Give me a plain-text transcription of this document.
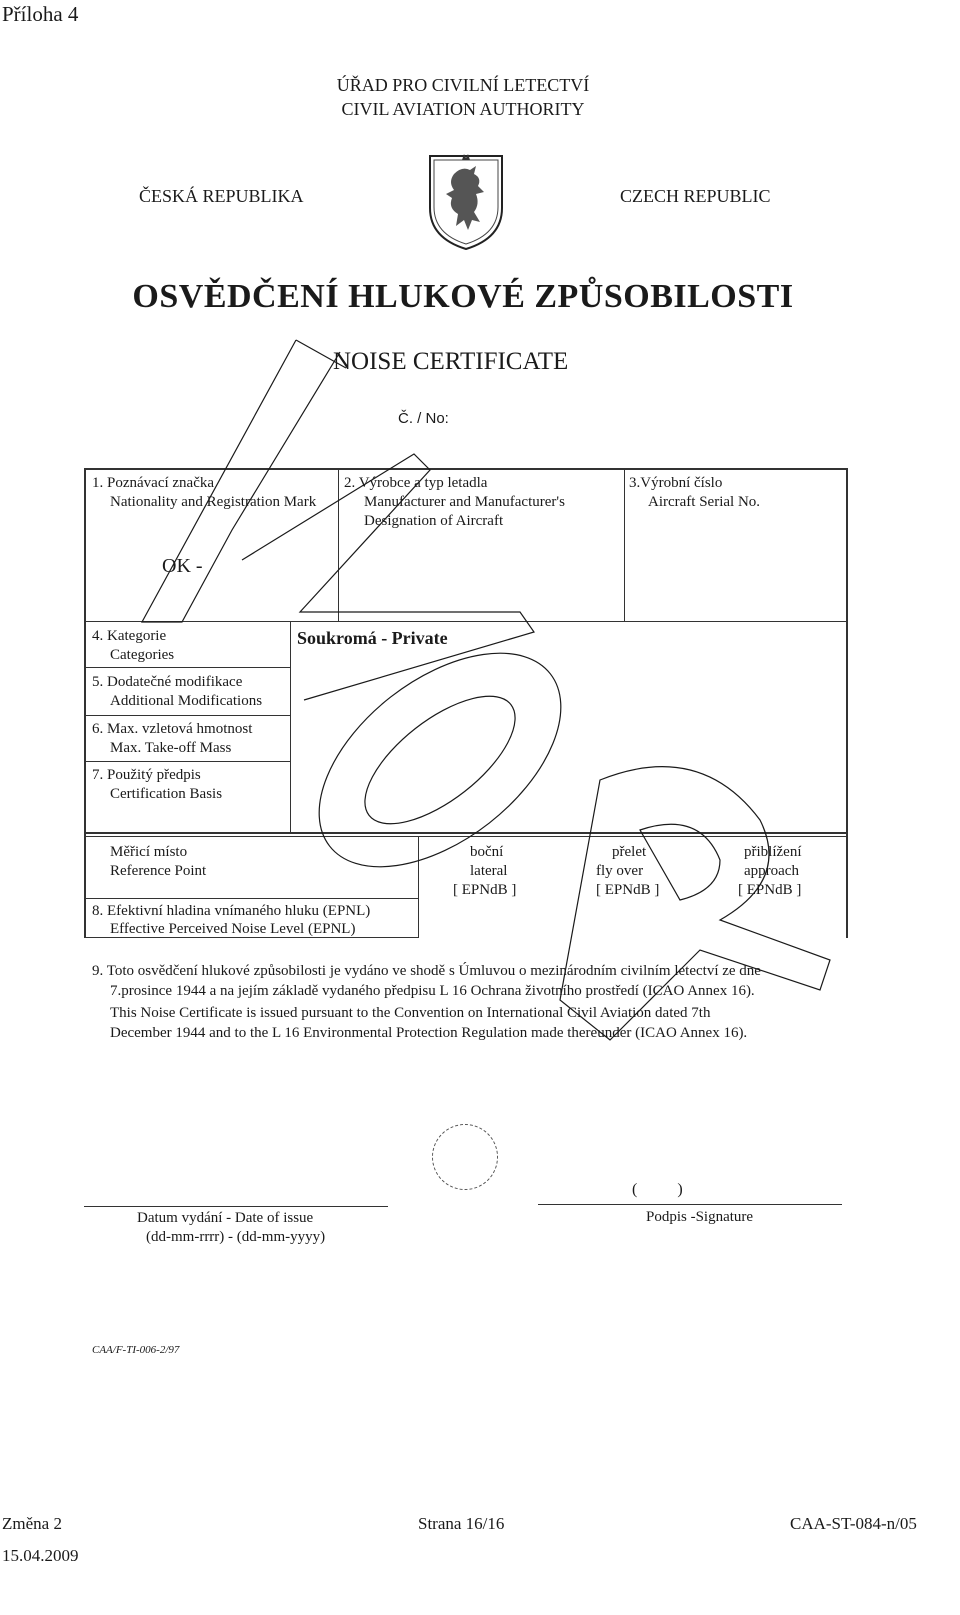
Příloha 4
ÚŘAD PRO CIVILNÍ LETECTVÍ
CIVIL AVIATION AUTHORITY
ČESKÁ REPUBLIKA	CZECH REPUBLIC
OSVĚDČENÍ HLUKOVÉ ZPŮSOBILOSTI
NOISE CERTIFICATE
Č. / No:
1. Poznávací značka
Nationality and Registration Mark
OK -
2. Výrobce a typ letadla
Manufacturer and Manufacturer's
Designation of Aircraft
3.Výrobní číslo
Aircraft Serial No.
4. Kategorie
Categories
Soukromá - Private
5. Dodatečné modifikace
Additional Modifications
6. Max. vzletová hmotnost
Max. Take-off Mass
7. Použitý předpis
Certification Basis
Měřicí místo
Reference Point
boční
lateral
[ EPNdB ]
přelet
fly over
[ EPNdB ]
přiblížení
approach
[ EPNdB ]
8. Efektivní hladina vnímaného hluku (EPNL)
Effective Perceived Noise Level (EPNL)
9. Toto osvědčení hlukové způsobilosti je vydáno ve shodě s Úmluvou o mezinárodním civilním letectví ze dne
7.prosince 1944 a na jejím základě vydaného předpisu L 16 Ochrana životního prostředí (ICAO Annex 16).
This Noise Certificate is issued pursuant to the Convention on International Civil Aviation dated 7th
December 1944 and to the L 16 Environmental Protection Regulation made thereunder (ICAO Annex 16).
Datum vydání - Date of issue
(dd-mm-rrrr) - (dd-mm-yyyy)
(          )
Podpis -Signature
CAA/F-TI-006-2/97
Změna 2
15.04.2009
Strana 16/16	CAA-ST-084-n/05
